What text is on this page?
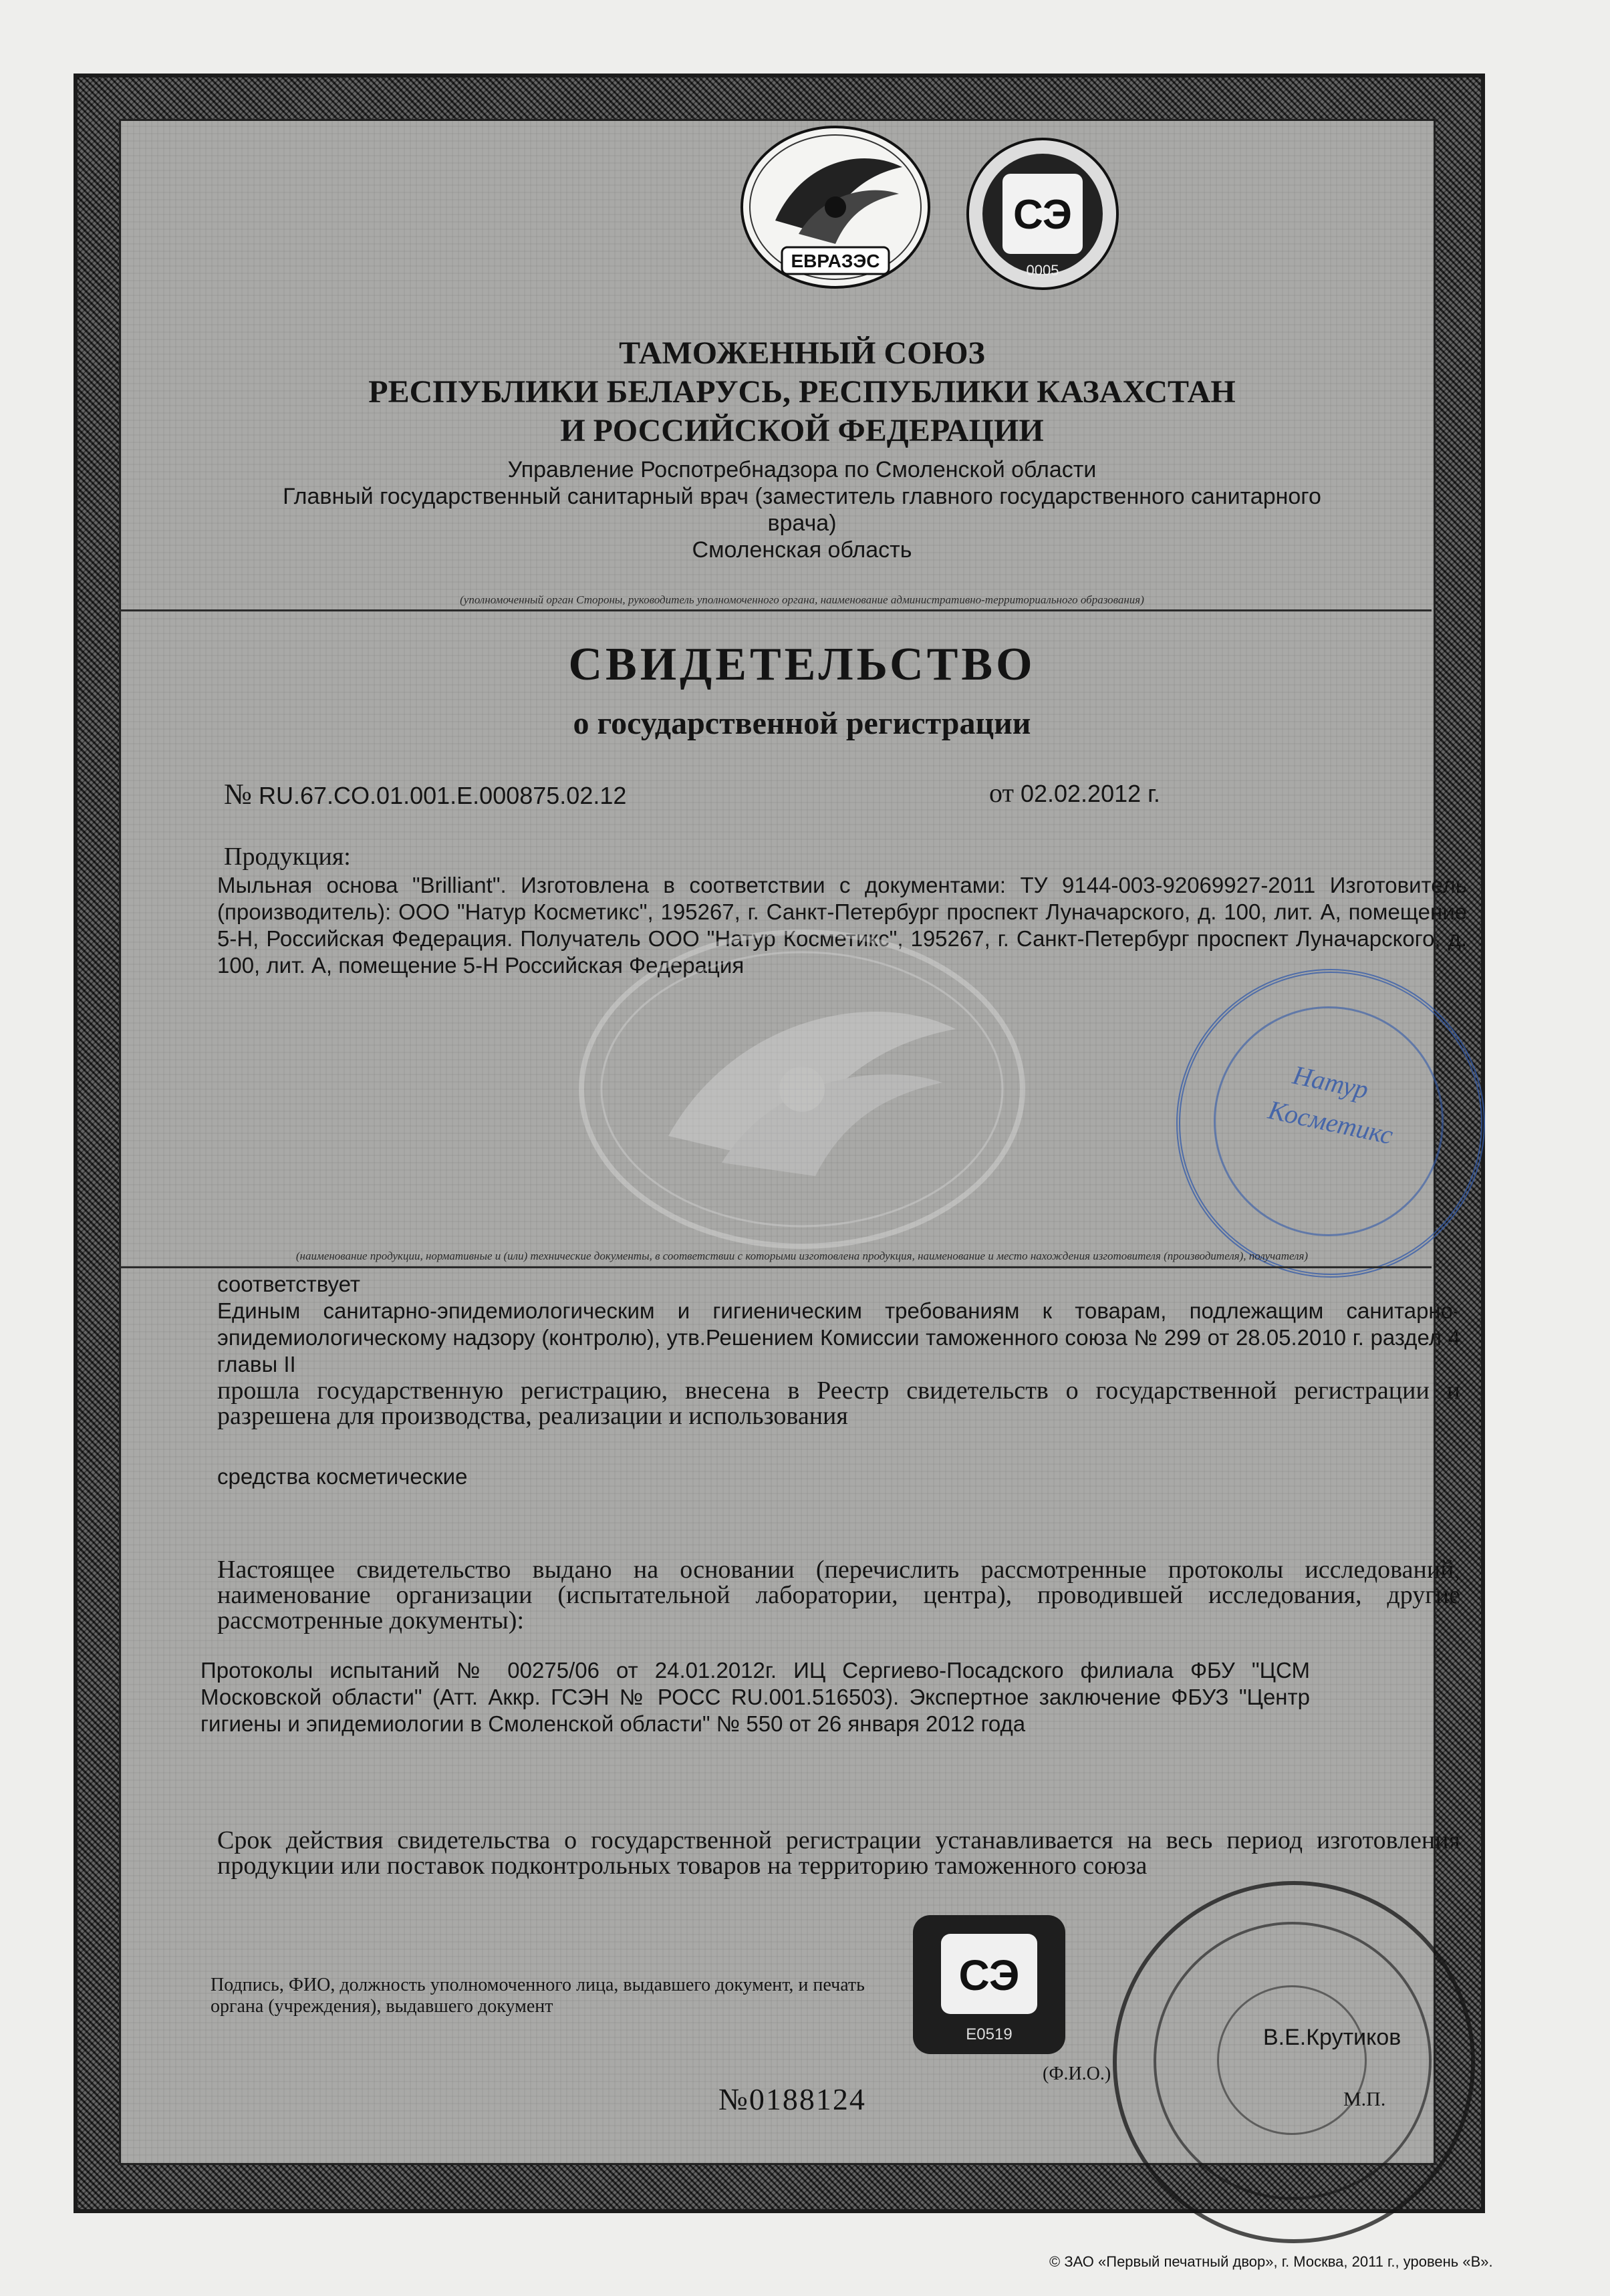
ЕВРАЗЭС
СЭ
0005
ТАМОЖЕННЫЙ СОЮЗ
РЕСПУБЛИКИ БЕЛАРУСЬ, РЕСПУБЛИКИ КАЗАХСТАН
И РОССИЙСКОЙ ФЕДЕРАЦИИ
Управление Роспотребнадзора по Смоленской области
Главный государственный санитарный врач (заместитель главного государственного санитарного
врача)
Смоленская область
(уполномоченный орган Стороны, руководитель уполномоченного органа, наименование административно-территориального образования)
СВИДЕТЕЛЬСТВО
о государственной регистрации
№ RU.67.CO.01.001.E.000875.02.12	от 02.02.2012 г.
Продукция:
Мыльная основа "Brilliant". Изготовлена в соответствии с документами: ТУ 9144-003-92069927-2011 Изготовитель (производитель): ООО "Натур Косметикс", 195267, г. Санкт-Петербург проспект Луначарского, д. 100, лит. А, помещение 5-Н, Российская Федерация. Получатель ООО "Натур Косметикс", 195267, г. Санкт-Петербург проспект Луначарского, д. 100, лит. А, помещение 5-Н Российская Федерация
Натур
Косметикс
(наименование продукции, нормативные и (или) технические документы, в соответствии с которыми изготовлена продукция, наименование и место нахождения изготовителя (производителя), получателя)
соответствует
Единым санитарно-эпидемиологическим и гигиеническим требованиям к товарам, подлежащим санитарно-эпидемиологическому надзору (контролю), утв.Решением Комиссии таможенного союза № 299 от 28.05.2010 г. раздел 4 главы II
прошла государственную регистрацию, внесена в Реестр свидетельств о государственной регистрации и разрешена для производства, реализации и использования
средства косметические
Настоящее свидетельство выдано на основании (перечислить рассмотренные протоколы исследований, наименование организации (испытательной лаборатории, центра), проводившей исследования, другие рассмотренные документы):
Протоколы испытаний № 00275/06 от 24.01.2012г. ИЦ Сергиево-Посадского филиала ФБУ "ЦСМ Московской области" (Атт. Аккр. ГСЭН № РОСС RU.001.516503). Экспертное заключение ФБУЗ "Центр гигиены и эпидемиологии в Смоленской области" № 550 от 26 января 2012 года
Срок действия свидетельства о государственной регистрации устанавливается на весь период изготовления продукции или поставок подконтрольных товаров на территорию таможенного союза
Подпись, ФИО, должность уполномоченного лица, выдавшего документ, и печать органа (учреждения), выдавшего документ
СЭ
E0519	В.Е.Крутиков
(Ф.И.О.)
М.П.
№0188124
© ЗАО «Первый печатный двор», г. Москва, 2011 г., уровень «В».
